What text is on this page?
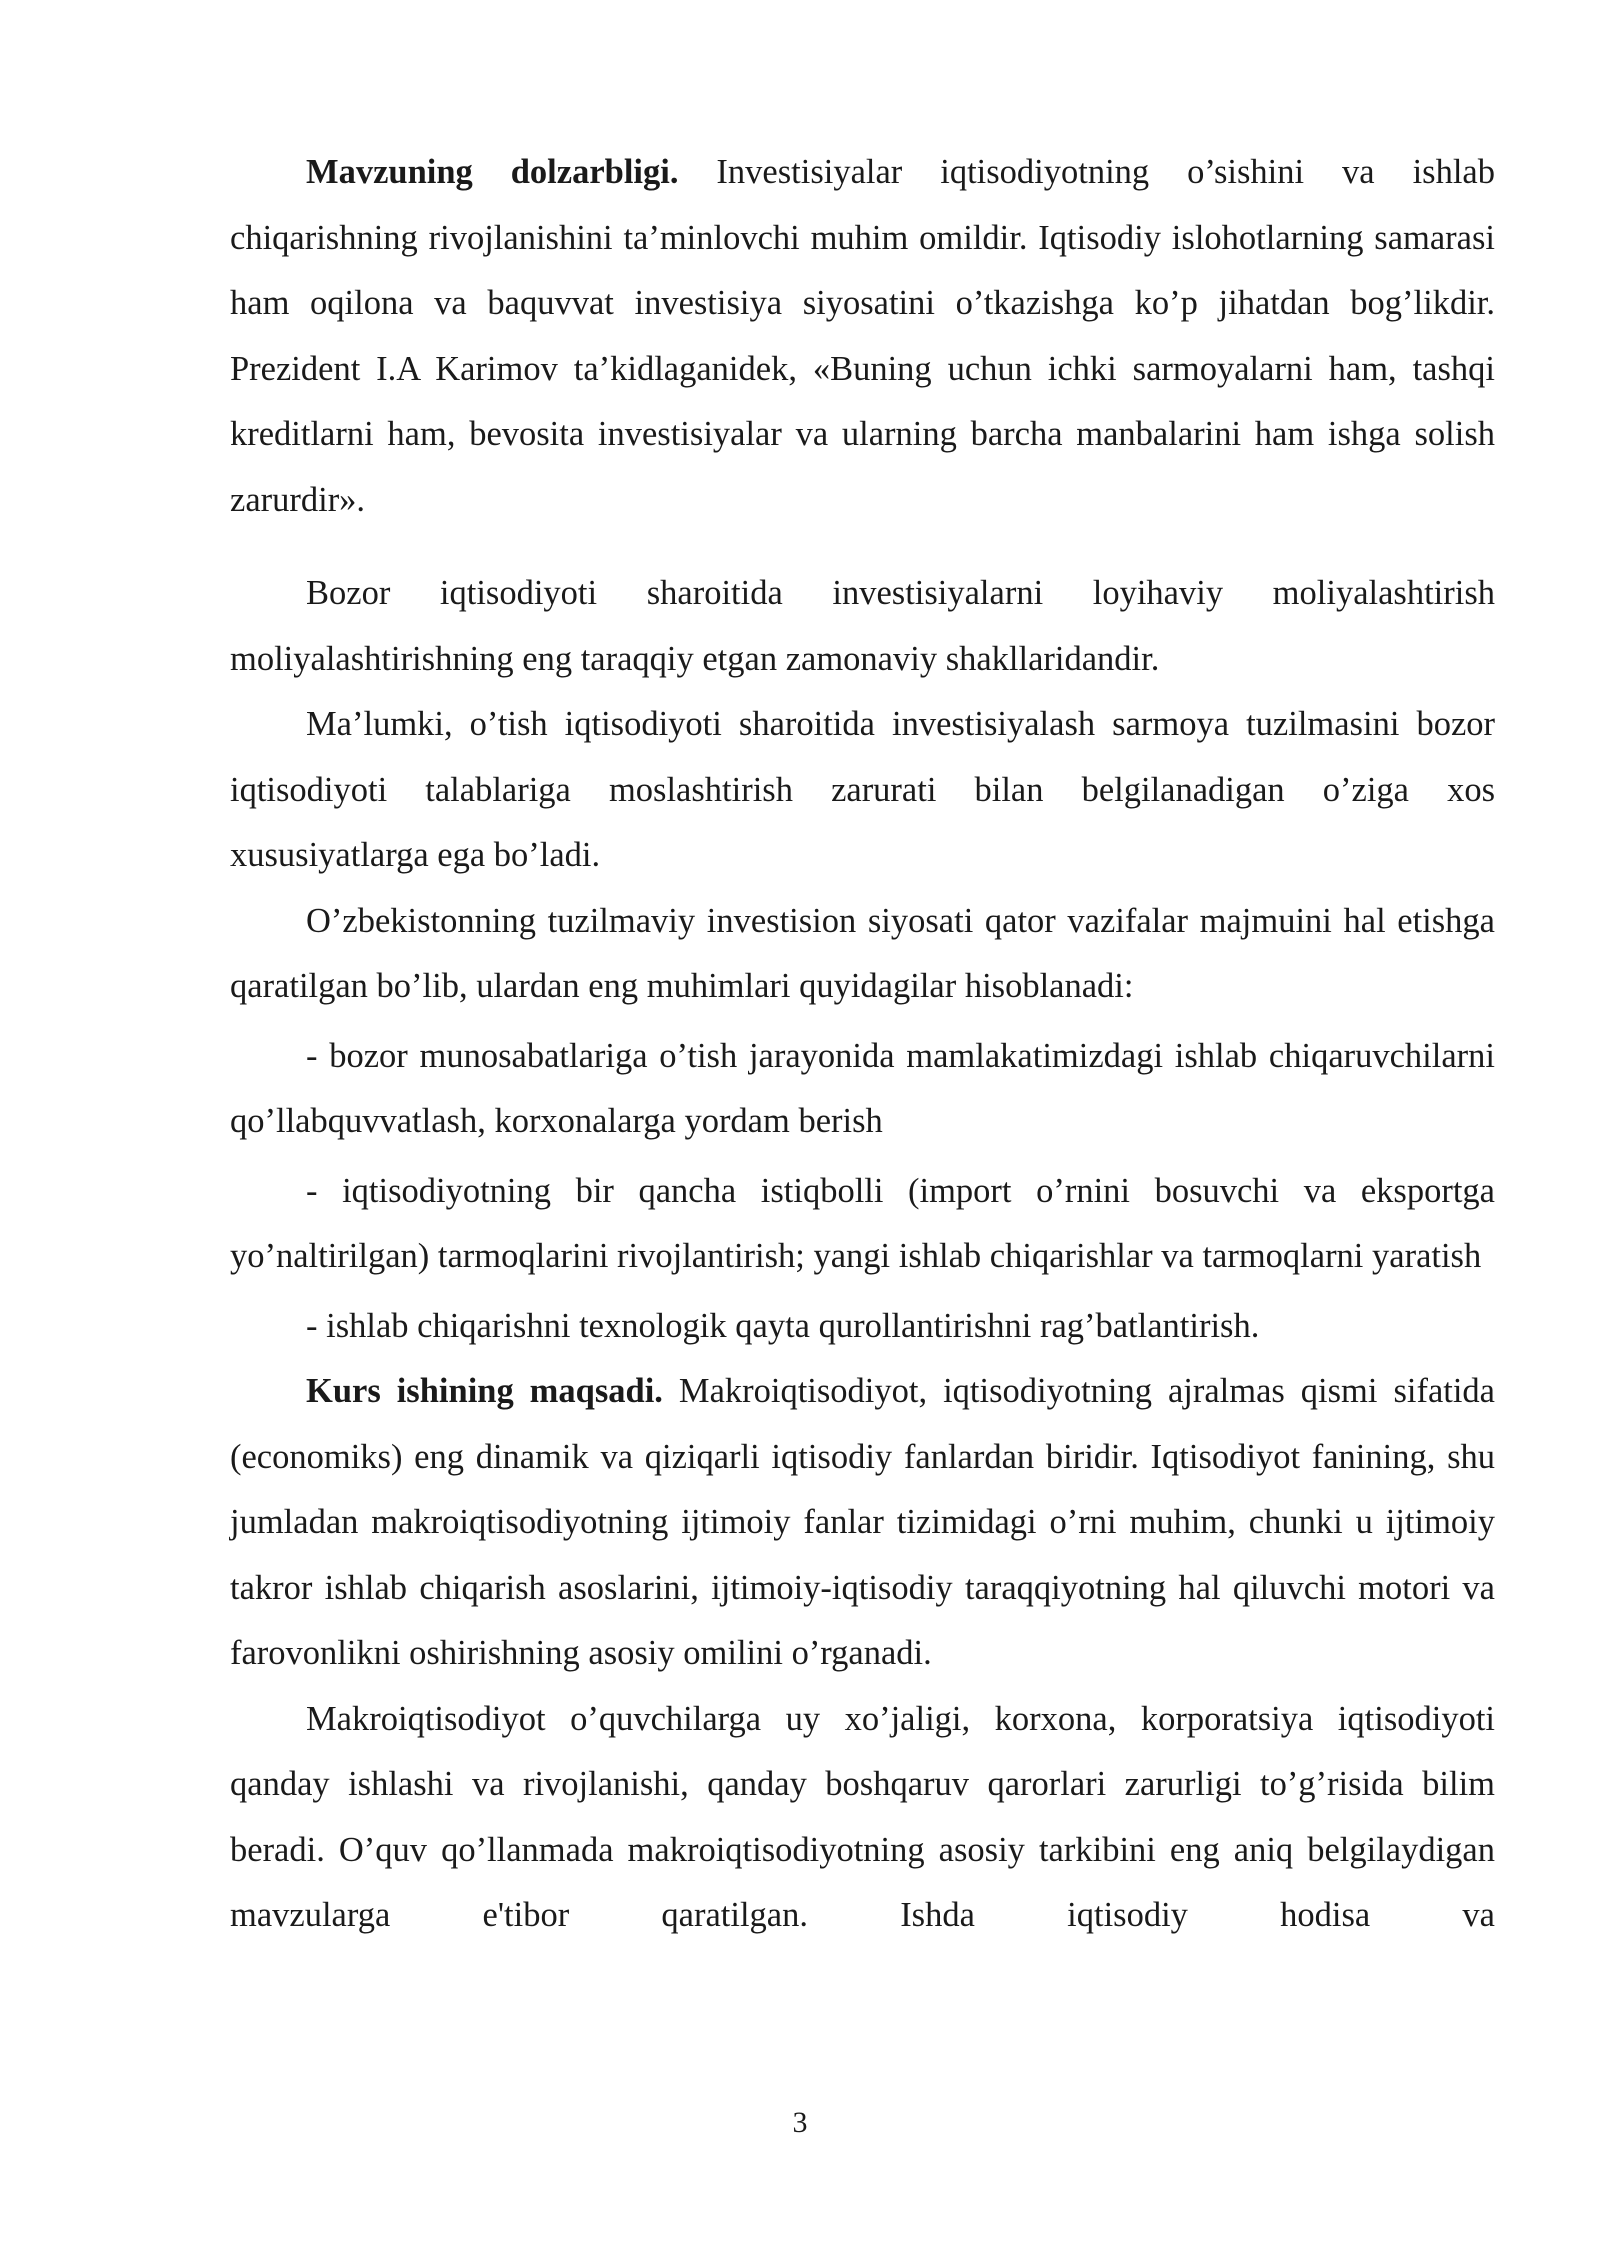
Mavzuning dolzarbligi. Investisiyalar iqtisodiyotning o’sishini va ishlab chiqarishning rivojlanishini ta’minlovchi muhim omildir. Iqtisodiy islohotlarning samarasi ham oqilona va baquvvat investisiya siyosatini o’tkazishga ko’p jihatdan bog’likdir. Prezident I.A Karimov ta’kidlaganidek, «Buning uchun ichki sarmoyalarni ham, tashqi kreditlarni ham, bevosita investisiyalar va ularning barcha manbalarini ham ishga solish zarurdir».

Bozor iqtisodiyoti sharoitida investisiyalarni loyihaviy moliyalashtirish moliyalashtirishning eng taraqqiy etgan zamonaviy shakllaridandir.

Ma’lumki, o’tish iqtisodiyoti sharoitida investisiyalash sarmoya tuzilmasini bozor iqtisodiyoti talablariga moslashtirish zarurati bilan belgilanadigan o’ziga xos xususiyatlarga ega bo’ladi.

O’zbekistonning tuzilmaviy investision siyosati qator vazifalar majmuini hal etishga qaratilgan bo’lib, ulardan eng muhimlari quyidagilar hisoblanadi:

- bozor munosabatlariga o’tish jarayonida mamlakatimizdagi ishlab chiqaruvchilarni qo’llabquvvatlash, korxonalarga yordam berish

- iqtisodiyotning bir qancha istiqbolli (import o’rnini bosuvchi va eksportga yo’naltirilgan) tarmoqlarini rivojlantirish; yangi ishlab chiqarishlar va tarmoqlarni yaratish

- ishlab chiqarishni texnologik qayta qurollantirishni rag’batlantirish.

Kurs ishining maqsadi. Makroiqtisodiyot, iqtisodiyotning ajralmas qismi sifatida (economiks) eng dinamik va qiziqarli iqtisodiy fanlardan biridir. Iqtisodiyot fanining, shu jumladan makroiqtisodiyotning ijtimoiy fanlar tizimidagi o’rni muhim, chunki u ijtimoiy takror ishlab chiqarish asoslarini, ijtimoiy-iqtisodiy taraqqiyotning hal qiluvchi motori va farovonlikni oshirishning asosiy omilini o’rganadi.

Makroiqtisodiyot o’quvchilarga uy xo’jaligi, korxona, korporatsiya iqtisodiyoti qanday ishlashi va rivojlanishi, qanday boshqaruv qarorlari zarurligi to’g’risida bilim beradi. O’quv qo’llanmada makroiqtisodiyotning asosiy tarkibini eng aniq belgilaydigan mavzularga e'tibor qaratilgan. Ishda iqtisodiy hodisa va

3
